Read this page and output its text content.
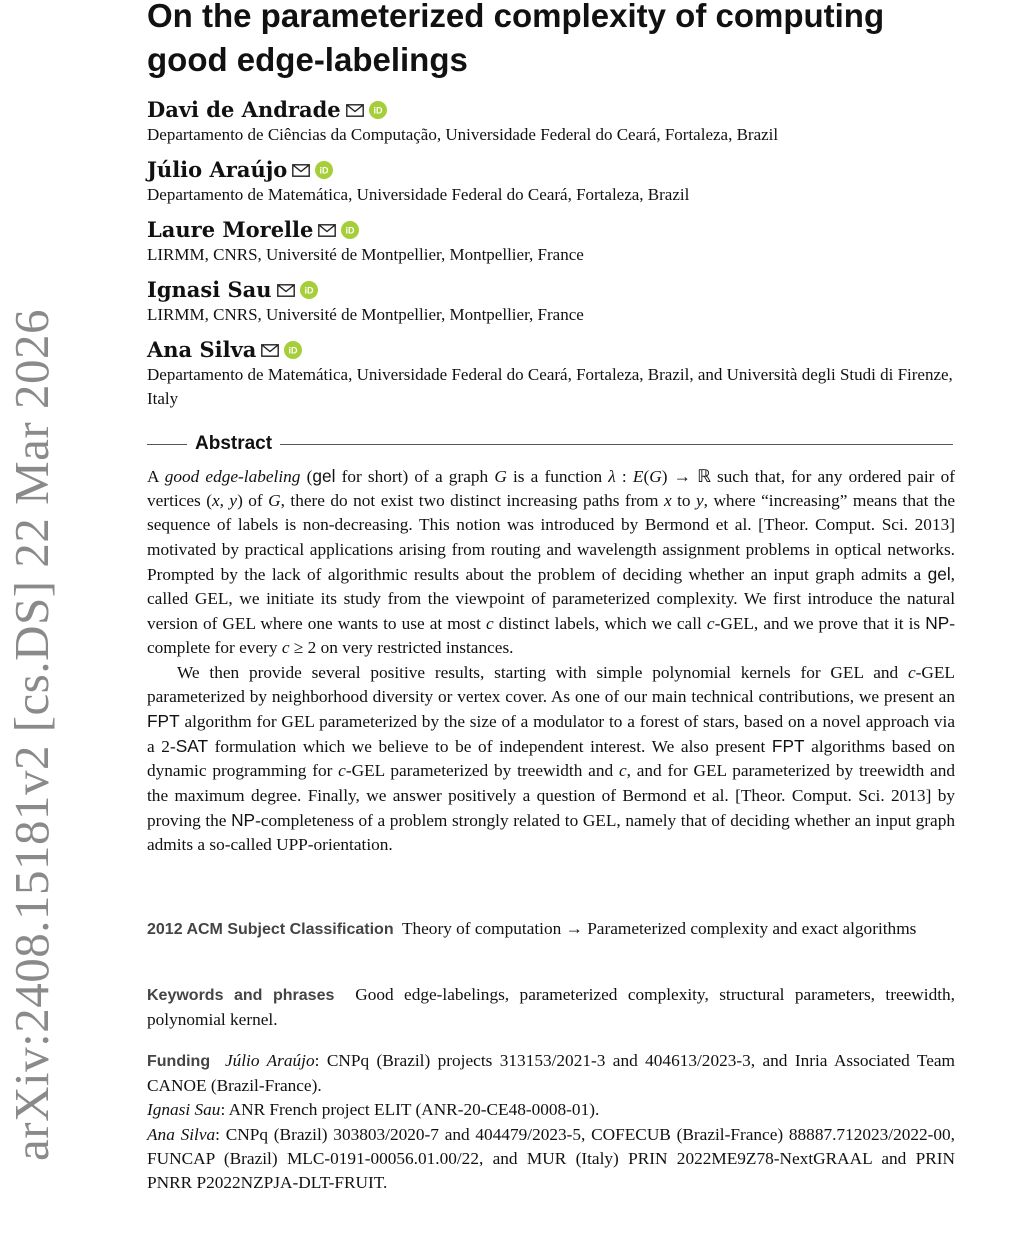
arXiv:2408.15181v2 [cs.DS] 22 Mar 2026
On the parameterized complexity of computing good edge-labelings
Davi de Andrade	iD
Departamento de Ciências da Computação, Universidade Federal do Ceará, Fortaleza, Brazil
Júlio Araújo	iD
Departamento de Matemática, Universidade Federal do Ceará, Fortaleza, Brazil
Laure Morelle	iD
LIRMM, CNRS, Université de Montpellier, Montpellier, France
Ignasi Sau	iD
LIRMM, CNRS, Université de Montpellier, Montpellier, France
Ana Silva	iD
Departamento de Matemática, Universidade Federal do Ceará, Fortaleza, Brazil, and Università degli Studi di Firenze, Italy
Abstract
A good edge-labeling (gel for short) of a graph G is a function λ : E(G) → ℝ such that, for any ordered pair of vertices (x, y) of G, there do not exist two distinct increasing paths from x to y, where “increasing” means that the sequence of labels is non-decreasing. This notion was introduced by Bermond et al. [Theor. Comput. Sci. 2013] motivated by practical applications arising from routing and wavelength assignment problems in optical networks. Prompted by the lack of algorithmic results about the problem of deciding whether an input graph admits a gel, called GEL, we initiate its study from the viewpoint of parameterized complexity. We first introduce the natural version of GEL where one wants to use at most c distinct labels, which we call c-GEL, and we prove that it is NP-complete for every c ≥ 2 on very restricted instances.
We then provide several positive results, starting with simple polynomial kernels for GEL and c-GEL parameterized by neighborhood diversity or vertex cover. As one of our main technical contributions, we present an FPT algorithm for GEL parameterized by the size of a modulator to a forest of stars, based on a novel approach via a 2-SAT formulation which we believe to be of independent interest. We also present FPT algorithms based on dynamic programming for c-GEL parameterized by treewidth and c, and for GEL parameterized by treewidth and the maximum degree. Finally, we answer positively a question of Bermond et al. [Theor. Comput. Sci. 2013] by proving the NP-completeness of a problem strongly related to GEL, namely that of deciding whether an input graph admits a so-called UPP-orientation.
2012 ACM Subject Classification Theory of computation → Parameterized complexity and exact algorithms
Keywords and phrases Good edge-labelings, parameterized complexity, structural parameters, treewidth, polynomial kernel.
Funding Júlio Araújo: CNPq (Brazil) projects 313153/2021-3 and 404613/2023-3, and Inria Associated Team CANOE (Brazil-France).
Ignasi Sau: ANR French project ELIT (ANR-20-CE48-0008-01).
Ana Silva: CNPq (Brazil) 303803/2020-7 and 404479/2023-5, COFECUB (Brazil-France) 88887.712023/2022-00, FUNCAP (Brazil) MLC-0191-00056.01.00/22, and MUR (Italy) PRIN 2022ME9Z78-NextGRAAL and PRIN PNRR P2022NZPJA-DLT-FRUIT.
